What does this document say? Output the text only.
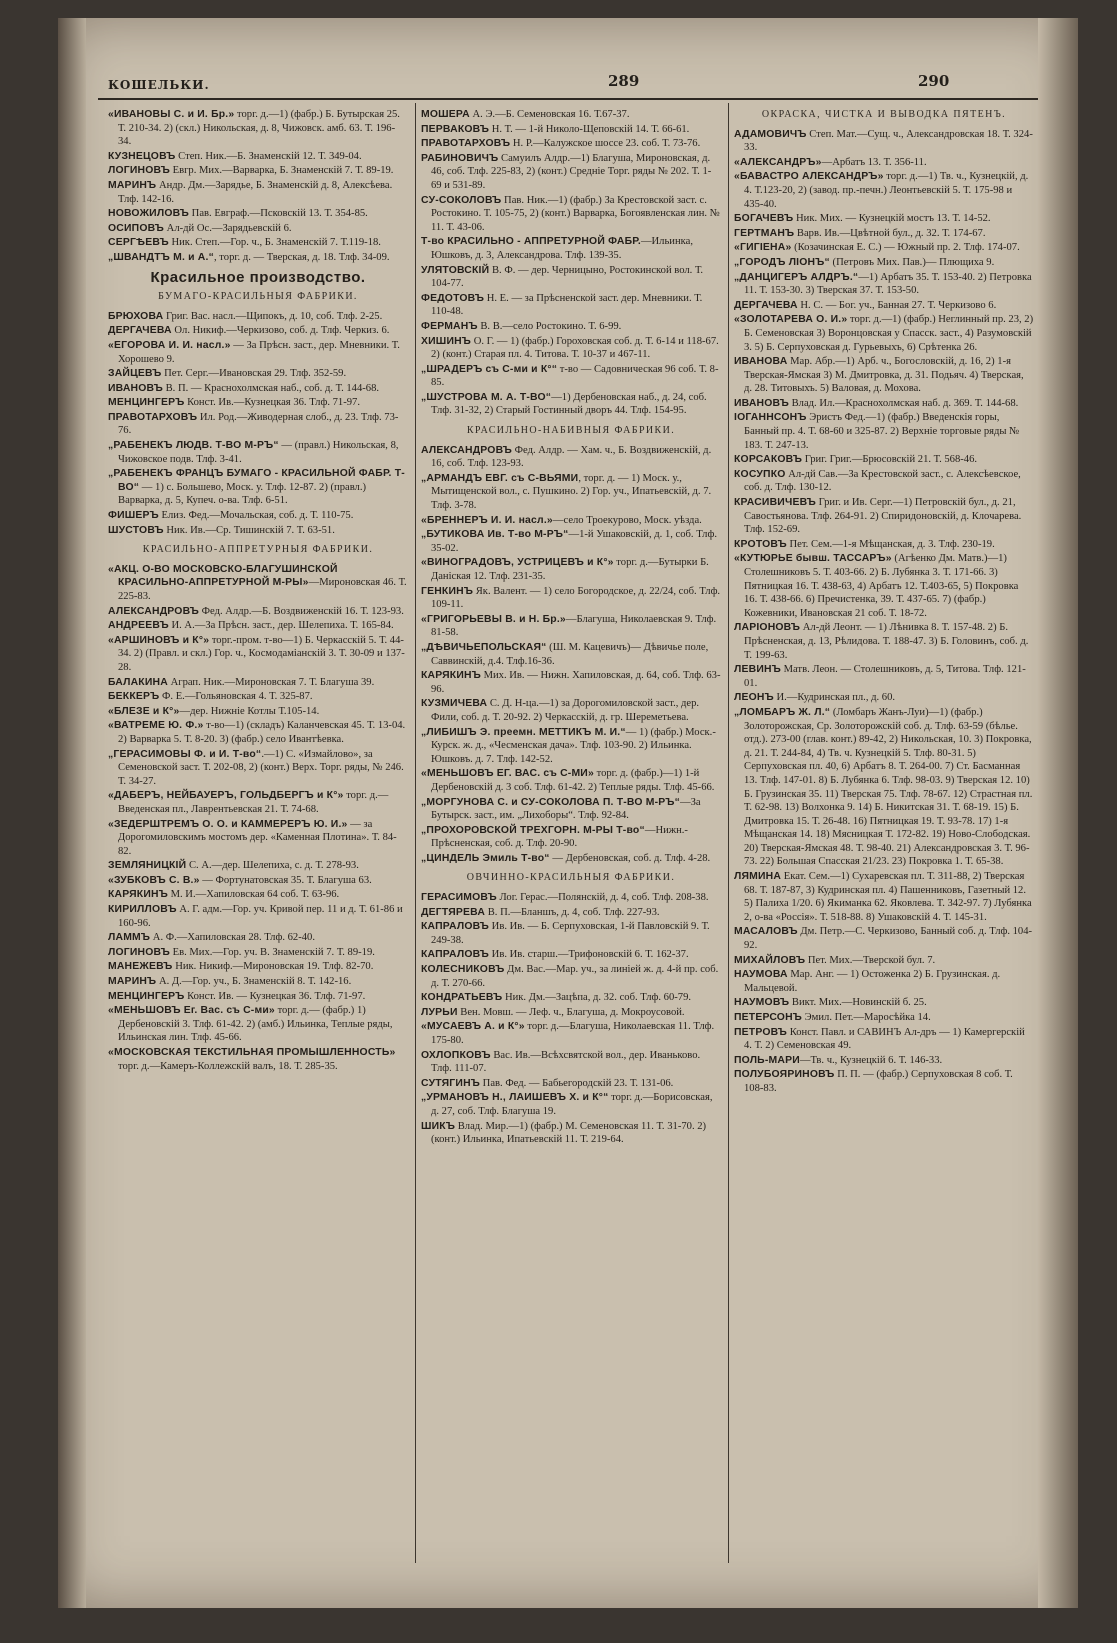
КОШЕЛЬКИ.	289	290
«ИВАНОВЫ С. и И. Бр.» торг. д.—1) (фабр.) Б. Бутырская 25. Т. 210-34. 2) (скл.) Никольская, д. 8, Чижовск. амб. 63. Т. 196-34.
КУЗНЕЦОВЪ Степ. Ник.—Б. Знаменскій 12. Т. 349-04.
ЛОГИНОВЪ Евгр. Мих.—Варварка, Б. Знаменскій 7. Т. 89-19.
МАРИНЪ Андр. Дм.—Зарядье, Б. Знаменскій д. 8, Алексѣева. Тлф. 142-16.
НОВОЖИЛОВЪ Пав. Евграф.—Псковскій 13. Т. 354-85.
ОСИПОВЪ Ал-дй Ос.—Зарядьевскій 6.
СЕРГѢЕВЪ Ник. Степ.—Гор. ч., Б. Знаменскій 7. Т.119-18.
„ШВАНДТЪ М. и А.“, торг. д. — Тверская, д. 18. Тлф. 34-09.
Красильное производство.
БУМАГО-КРАСИЛЬНЫЯ ФАБРИКИ.
БРЮХОВА Григ. Вас. насл.—Щипокъ, д. 10, соб. Тлф. 2-25.
ДЕРГАЧЕВА Ол. Никиф.—Черкизово, соб. д. Тлф. Черкиз. 6.
«ЕГОРОВА И. И. насл.» — За Прѣсн. заст., дер. Мневники. Т. Хорошево 9.
ЗАЙЦЕВЪ Пет. Серг.—Ивановская 29. Тлф. 352-59.
ИВАНОВЪ В. П. — Краснохолмская наб., соб. д. Т. 144-68.
МЕНЦИНГЕРЪ Конст. Ив.—Кузнецкая 36. Тлф. 71-97.
ПРАВОТАРХОВЪ Ил. Род.—Живодерная слоб., д. 23. Тлф. 73-76.
„РАБЕНЕКЪ ЛЮДВ. Т-ВО М-РЪ“ — (правл.) Никольская, 8, Чижовское подв. Тлф. 3-41.
„РАБЕНЕКЪ ФРАНЦЪ БУМАГО - КРАСИЛЬНОЙ ФАБР. Т-ВО“ — 1) с. Большево, Моск. у. Тлф. 12-87. 2) (правл.) Варварка, д. 5, Купеч. о-ва. Тлф. 6-51.
ФИШЕРЪ Елиз. Фед.—Мочальская, соб. д. Т. 110-75.
ШУСТОВЪ Ник. Ив.—Ср. Тишинскій 7. Т. 63-51.
КРАСИЛЬНО-АППРЕТУРНЫЯ ФАБРИКИ.
«АКЦ. О-ВО МОСКОВСКО-БЛАГУШИНСКОЙ КРАСИЛЬНО-АППРЕТУРНОЙ М-РЫ»—Мироновская 46. Т. 225-83.
АЛЕКСАНДРОВЪ Фед. Алдр.—Б. Воздвиженскій 16. Т. 123-93.
АНДРЕЕВЪ И. А.—За Прѣсн. заст., дер. Шелепиха. Т. 165-84.
«АРШИНОВЪ и К°» торг.-пром. т-во—1) Б. Черкасскій 5. Т. 44-34. 2) (Правл. и скл.) Гор. ч., Космодаміанскій 3. Т. 30-09 и 137-28.
БАЛАКИНА Аграп. Ник.—Мироновская 7. Т. Благуша 39.
БЕККЕРЪ Ф. Е.—Гольяновская 4. Т. 325-87.
«БЛЕЗЕ и К°»—дер. Нижніе Котлы Т.105-14.
«ВАТРЕМЕ Ю. Ф.» т-во—1) (складъ) Каланчевская 45. Т. 13-04. 2) Варварка 5. Т. 8-20. 3) (фабр.) село Ивантѣевка.
„ГЕРАСИМОВЫ Ф. и И. Т-во“.—1) С. «Измайлово», за Семеновской заст. Т. 202-08, 2) (конт.) Верх. Торг. ряды, № 246. Т. 34-27.
«ДАБЕРЪ, НЕЙБАУЕРЪ, ГОЛЬДБЕРГЪ и К°» торг. д.—Введенская пл., Лаврентьевская 21. Т. 74-68.
«ЗЕДЕРШТРЕМЪ О. О. и КАММЕРЕРЪ Ю. И.» — за Дорогомиловскимъ мостомъ дер. «Каменная Плотина». Т. 84-82.
ЗЕМЛЯНИЦКІЙ С. А.—дер. Шелепиха, с. д. Т. 278-93.
«ЗУБКОВЪ С. В.» — Фортунатовская 35. Т. Благуша 63.
КАРЯКИНЪ М. И.—Хапиловская 64 соб. Т. 63-96.
КИРИЛЛОВЪ А. Г. адм.—Гор. уч. Кривой пер. 11 и д. Т. 61-86 и 160-96.
ЛАММЪ А. Ф.—Хапиловская 28. Тлф. 62-40.
ЛОГИНОВЪ Ев. Мих.—Гор. уч. В. Знаменскій 7. Т. 89-19.
МАНЕЖЕВЪ Ник. Никиф.—Мироновская 19. Тлф. 82-70.
МАРИНЪ А. Д.—Гор. уч., Б. Знаменскій 8. Т. 142-16.
МЕНЦИНГЕРЪ Конст. Ив. — Кузнецкая 36. Тлф. 71-97.
«МЕНЬШОВЪ Ег. Вас. съ С-ми» торг. д.— (фабр.) 1) Дербеновскій 3. Тлф. 61-42. 2) (амб.) Ильинка, Теплые ряды, Ильинская лин. Тлф. 45-66.
«МОСКОВСКАЯ ТЕКСТИЛЬНАЯ ПРОМЫШЛЕННОСТЬ» торг. д.—Камеръ-Коллежскій валъ, 18. Т. 285-35.
МОШЕРА А. Э.—Б. Семеновская 16. Т.67-37.
ПЕРВАКОВЪ Н. Т. — 1-й Николо-Щеповскій 14. Т. 66-61.
ПРАВОТАРХОВЪ Н. Р.—Калужское шоссе 23. соб. Т. 73-76.
РАБИНОВИЧЪ Самуилъ Алдр.—1) Благуша, Мироновская, д. 46, соб. Тлф. 225-83, 2) (конт.) Средніе Торг. ряды № 202. Т. 1-69 и 531-89.
СУ-СОКОЛОВЪ Пав. Ник.—1) (фабр.) За Крестовской заст. с. Ростокино. Т. 105-75, 2) (конт.) Варварка, Богоявленская лин. № 11. Т. 43-06.
Т-во КРАСИЛЬНО - АППРЕТУРНОЙ ФАБР.—Ильинка, Юшковъ, д. 3, Александрова. Тлф. 139-35.
УЛЯТОВСКІЙ В. Ф. — дер. Черницыно, Ростокинской вол. Т. 104-77.
ФЕДОТОВЪ Н. Е. — за Прѣсненской заст. дер. Мневники. Т. 110-48.
ФЕРМАНЪ В. В.—село Ростокино. Т. 6-99.
ХИШИНЪ О. Г. — 1) (фабр.) Гороховская соб. д. Т. 6-14 и 118-67. 2) (конт.) Старая пл. 4. Титова. Т. 10-37 и 467-11.
„ШРАДЕРЪ съ С-ми и К°“ т-во — Садовническая 96 соб. Т. 8-85.
„ШУСТРОВА М. А. Т-ВО“—1) Дербеновская наб., д. 24, соб. Тлф. 31-32, 2) Старый Гостинный дворъ 44. Тлф. 154-95.
КРАСИЛЬНО-НАБИВНЫЯ ФАБРИКИ.
АЛЕКСАНДРОВЪ Фед. Алдр. — Хам. ч., Б. Воздвиженскій, д. 16, соб. Тлф. 123-93.
„АРМАНДЪ ЕВГ. съ С-ВЬЯМИ, торг. д. — 1) Моск. у., Мытищенской вол., с. Пушкино. 2) Гор. уч., Ипатьевскій, д. 7. Тлф. 3-78.
«БРЕННЕРЪ И. И. насл.»—село Троекурово, Моск. уѣзда.
„БУТИКОВА Ив. Т-во М-РЪ“—1-й Ушаковскій, д. 1, соб. Тлф. 35-02.
«ВИНОГРАДОВЪ, УСТРИЦЕВЪ и К°» торг. д.—Бутырки Б. Даніская 12. Тлф. 231-35.
ГЕНКИНЪ Як. Валент. — 1) село Богородское, д. 22/24, соб. Тлф. 109-11.
«ГРИГОРЬЕВЫ В. и Н. Бр.»—Благуша, Николаевская 9. Тлф. 81-58.
„ДѢВИЧЬЕПОЛЬСКАЯ“ (Ш. М. Кацевичъ)— Дѣвичье поле, Саввинскій, д.4. Тлф.16-36.
КАРЯКИНЪ Мих. Ив. — Нижн. Хапиловская, д. 64, соб. Тлф. 63-96.
КУЗМИЧЕВА С. Д. Н-ца.—1) за Дорогомиловской заст., дер. Фили, соб. д. Т. 20-92. 2) Черкасскій, д. гр. Шереметьева.
„ЛИБИШЪ Э. преемн. МЕТТИКЪ М. И.“— 1) (фабр.) Моск.-Курск. ж. д., «Чесменская дача». Тлф. 103-90. 2) Ильинка. Юшковъ. д. 7. Тлф. 142-52.
«МЕНЬШОВЪ ЕГ. ВАС. съ С-МИ» торг. д. (фабр.)—1) 1-й Дербеновскій д. 3 соб. Тлф. 61-42. 2) Теплые ряды. Тлф. 45-66.
„МОРГУНОВА С. и СУ-СОКОЛОВА П. Т-ВО М-РЪ“—За Бутырск. заст., им. „Лихоборы“. Тлф. 92-84.
„ПРОХОРОВСКОЙ ТРЕХГОРН. М-РЫ Т-во“—Нижн.-Прѣсненская, соб. д. Тлф. 20-90.
„ЦИНДЕЛЬ Эмиль Т-во“ — Дербеновская, соб. д. Тлф. 4-28.
ОВЧИННО-КРАСИЛЬНЫЯ ФАБРИКИ.
ГЕРАСИМОВЪ Лог. Герас.—Полянскій, д. 4, соб. Тлф. 208-38.
ДЕГТЯРЕВА В. П.—Бланшъ, д. 4, соб. Тлф. 227-93.
КАПРАЛОВЪ Ив. Ив. — Б. Серпуховская, 1-й Павловскій 9. Т. 249-38.
КАПРАЛОВЪ Ив. Ив. старш.—Трифоновскій 6. Т. 162-37.
КОЛЕСНИКОВЪ Дм. Вас.—Мар. уч., за линіей ж. д. 4-й пр. соб. д. Т. 270-66.
КОНДРАТЬЕВЪ Ник. Дм.—Зацѣпа, д. 32. соб. Тлф. 60-79.
ЛУРЬИ Вен. Мовш. — Леф. ч., Благуша, д. Мокроусовой.
«МУСАЕВЪ А. и К°» торг. д.—Благуша, Николаевская 11. Тлф. 175-80.
ОХЛОПКОВЪ Вас. Ив.—Всѣхсвятской вол., дер. Иваньково. Тлф. 111-07.
СУТЯГИНЪ Пав. Фед. — Бабьегородскій 23. Т. 131-06.
„УРМАНОВЪ Н., ЛАИШЕВЪ Х. и К°“ торг. д.—Борисовская, д. 27, соб. Тлф. Благуша 19.
ШИКЪ Влад. Мир.—1) (фабр.) М. Семеновская 11. Т. 31-70. 2) (конт.) Ильинка, Ипатьевскій 11. Т. 219-64.
ОКРАСКА, ЧИСТКА И ВЫВОДКА ПЯТЕНЪ.
АДАМОВИЧЪ Степ. Мат.—Сущ. ч., Александровская 18. Т. 324-33.
«АЛЕКСАНДРЪ»—Арбатъ 13. Т. 356-11.
«БАВАСТРО АЛЕКСАНДРЪ» торг. д.—1) Тв. ч., Кузнецкій, д. 4. Т.123-20, 2) (завод. пр.-печн.) Леонтьевскій 5. Т. 175-98 и 435-40.
БОГАЧЕВЪ Ник. Мих. — Кузнецкій мостъ 13. Т. 14-52.
ГЕРТМАНЪ Варв. Ив.—Цвѣтной бул., д. 32. Т. 174-67.
«ГИГІЕНА» (Козачинская Е. С.) — Южный пр. 2. Тлф. 174-07.
„ГОРОДЪ ЛІОНЪ“ (Петровъ Мих. Пав.)— Плющиха 9.
„ДАНЦИГЕРЪ АЛДРЪ.“—1) Арбатъ 35. Т. 153-40. 2) Петровка 11. Т. 153-30. 3) Тверская 37. Т. 153-50.
ДЕРГАЧЕВА Н. С. — Бог. уч., Банная 27. Т. Черкизово 6.
«ЗОЛОТАРЕВА О. И.» торг. д.—1) (фабр.) Неглинный пр. 23, 2) Б. Семеновская 3) Воронцовская у Спасск. заст., 4) Разумовскій 3. 5) Б. Серпуховская д. Гурьевыхъ, 6) Срѣтенка 26.
ИВАНОВА Мар. Абр.—1) Арб. ч., Богословскій, д. 16, 2) 1-я Тверская-Ямская 3) М. Дмитровка, д. 31. Подьяч. 4) Тверская, д. 28. Титовыхъ. 5) Валовая, д. Мохова.
ИВАНОВЪ Влад. Ил.—Краснохолмская наб. д. 369. Т. 144-68.
ІОГАННСОНЪ Эристъ Фед.—1) (фабр.) Введенскія горы, Банный пр. 4. Т. 68-60 и 325-87. 2) Верхніе торговые ряды № 183. Т. 247-13.
КОРСАКОВЪ Григ. Григ.—Брюсовскій 21. Т. 568-46.
КОСУПКО Ал-дй Сав.—За Крестовской заст., с. Алексѣевское, соб. д. Тлф. 130-12.
КРАСИВИЧЕВЪ Григ. и Ив. Серг.—1) Петровскій бул., д. 21, Савостьянова. Тлф. 264-91. 2) Спиридоновскій, д. Клочарева. Тлф. 152-69.
КРОТОВЪ Пет. Сем.—1-я Мѣщанская, д. 3. Тлф. 230-19.
«КУТЮРЬЕ бывш. ТАССАРЪ» (Агѣенко Дм. Матв.)—1) Столешниковъ 5. Т. 403-66. 2) Б. Лубянка 3. Т. 171-66. 3) Пятницкая 16. Т. 438-63, 4) Арбатъ 12. Т.403-65, 5) Покровка 16. Т. 438-66. 6) Пречистенка, 39. Т. 437-65. 7) (фабр.) Кожевники, Ивановская 21 соб. Т. 18-72.
ЛАРІОНОВЪ Ал-дй Леонт. — 1) Лѣнивка 8. Т. 157-48. 2) Б. Прѣсненская, д. 13, Рѣлидова. Т. 188-47. 3) Б. Головинъ, соб. д. Т. 199-63.
ЛЕВИНЪ Матв. Леон. — Столешниковъ, д. 5, Титова. Тлф. 121-01.
ЛЕОНЪ И.—Кудринская пл., д. 60.
„ЛОМБАРЪ Ж. Л.“ (Ломбаръ Жанъ-Луи)—1) (фабр.) Золоторожская, Ср. Золоторожскій соб. д. Тлф. 63-59 (бѣлье. отд.). 273-00 (глав. конт.) 89-42, 2) Никольская, 10. 3) Покровка, д. 21. Т. 244-84, 4) Тв. ч. Кузнецкій 5. Тлф. 80-31. 5) Серпуховская пл. 40, 6) Арбатъ 8. Т. 264-00. 7) Ст. Басманная 13. Тлф. 147-01. 8) Б. Лубянка 6. Тлф. 98-03. 9) Тверская 12. 10) Б. Грузинская 35. 11) Тверская 75. Тлф. 78-67. 12) Страстная пл. Т. 62-98. 13) Волхонка 9. 14) Б. Никитская 31. Т. 68-19. 15) Б. Дмитровка 15. Т. 26-48. 16) Пятницкая 19. Т. 93-78. 17) 1-я Мѣщанская 14. 18) Мясницкая Т. 172-82. 19) Ново-Слободская. 20) Тверская-Ямская 48. Т. 98-40. 21) Александровская 3. Т. 96-73. 22) Большая Спасская 21/23. 23) Покровка 1. Т. 65-38.
ЛЯМИНА Екат. Сем.—1) Сухаревская пл. Т. 311-88, 2) Тверская 68. Т. 187-87, 3) Кудринская пл. 4) Пашенниковъ, Газетный 12. 5) Палиха 1/20. 6) Якиманка 62. Яковлева. Т. 342-97. 7) Лубянка 2, о-ва «Россія». Т. 518-88. 8) Ушаковскій 4. Т. 145-31.
МАСАЛОВЪ Дм. Петр.—С. Черкизово, Банный соб. д. Тлф. 104-92.
МИХАЙЛОВЪ Пет. Мих.—Тверской бул. 7.
НАУМОВА Мар. Анг. — 1) Остоженка 2) Б. Грузинская. д. Мальцевой.
НАУМОВЪ Викт. Мих.—Новинскій б. 25.
ПЕТЕРСОНЪ Эмил. Пет.—Маросѣйка 14.
ПЕТРОВЪ Конст. Павл. и САВИНЪ Ал-дръ — 1) Камергерскій 4. Т. 2) Семеновская 49.
ПОЛЬ-МАРИ—Тв. ч., Кузнецкій 6. Т. 146-33.
ПОЛУБОЯРИНОВЪ П. П. — (фабр.) Серпуховская 8 соб. Т. 108-83.
